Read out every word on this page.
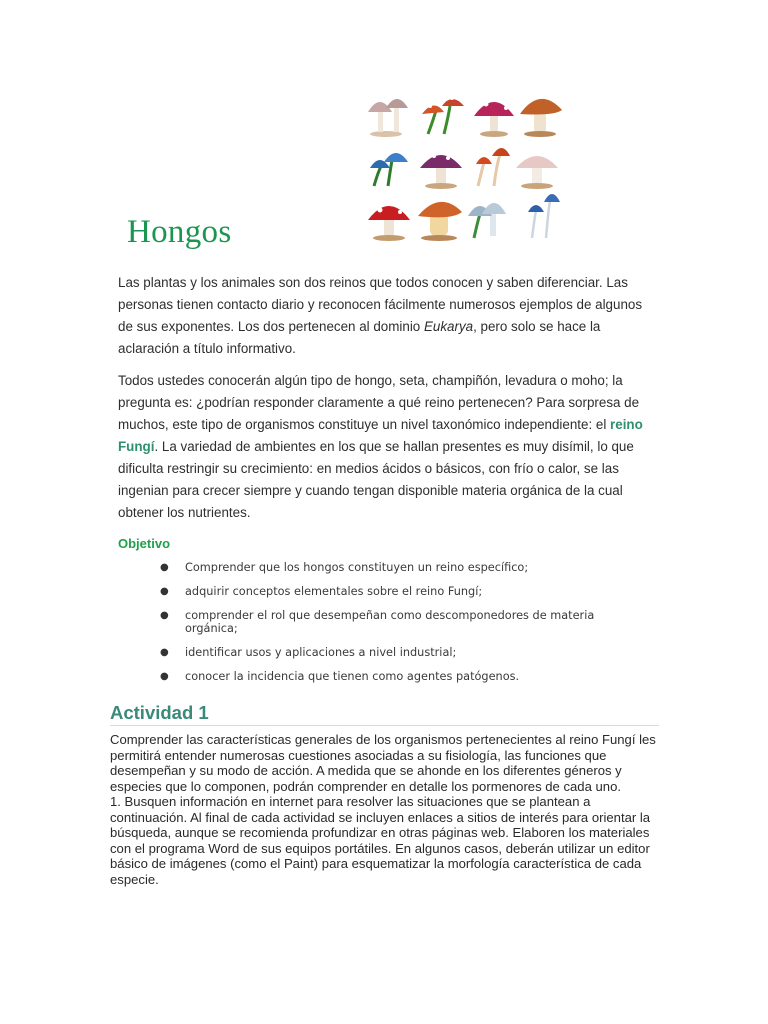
Hongos

Las plantas y los animales son dos reinos que todos conocen y saben diferenciar. Las personas tienen contacto diario y reconocen fácilmente numerosos ejemplos de algunos de sus exponentes. Los dos pertenecen al dominio Eukarya, pero solo se hace la aclaración a título informativo.

Todos ustedes conocerán algún tipo de hongo, seta, champiñón, levadura o moho; la pregunta es: ¿podrían responder claramente a qué reino pertenecen? Para sorpresa de muchos, este tipo de organismos constituye un nivel taxonómico independiente: el reino Fungí. La variedad de ambientes en los que se hallan presentes es muy disímil, lo que dificulta restringir su crecimiento: en medios ácidos o básicos, con frío o calor, se las ingenian para crecer siempre y cuando tengan disponible materia orgánica de la cual obtener los nutrientes.

Objetivo
● Comprender que los hongos constituyen un reino específico;
● adquirir conceptos elementales sobre el reino Fungí;
● comprender el rol que desempeñan como descomponedores de materia orgánica;
● identificar usos y aplicaciones a nivel industrial;
● conocer la incidencia que tienen como agentes patógenos.
Actividad 1

Comprender las características generales de los organismos pertenecientes al reino Fungí les permitirá entender numerosas cuestiones asociadas a su fisiología, las funciones que desempeñan y su modo de acción. A medida que se ahonde en los diferentes géneros y especies que lo componen, podrán comprender en detalle los pormenores de cada uno.

1. Busquen información en internet para resolver las situaciones que se plantean a continuación. Al final de cada actividad se incluyen enlaces a sitios de interés para orientar la búsqueda, aunque se recomienda profundizar en otras páginas web. Elaboren los materiales con el programa Word de sus equipos portátiles. En algunos casos, deberán utilizar un editor básico de imágenes (como el Paint) para esquematizar la morfología característica de cada especie.
